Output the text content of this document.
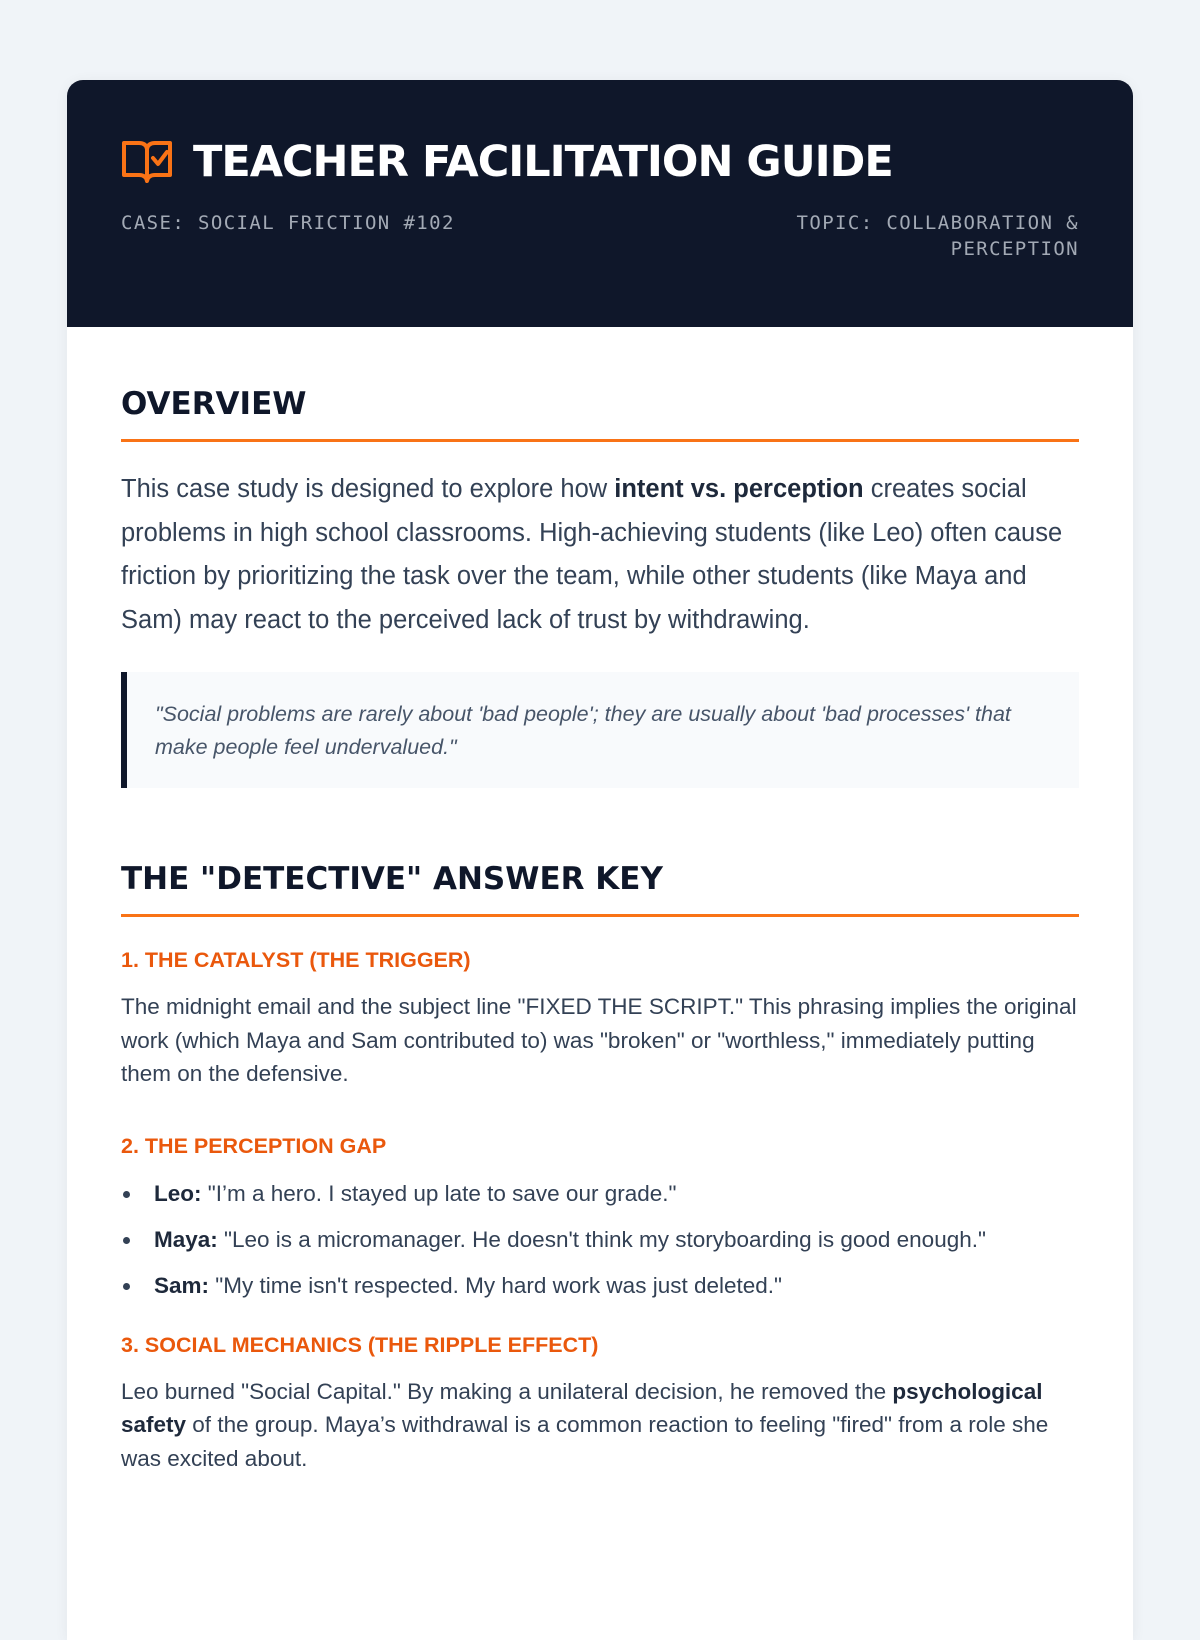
TEACHER FACILITATION GUIDE
CASE: SOCIAL FRICTION #102	TOPIC: COLLABORATION & PERCEPTION
OVERVIEW

This case study is designed to explore how intent vs. perception creates social problems in high school classrooms. High-achieving students (like Leo) often cause friction by prioritizing the task over the team, while other students (like Maya and Sam) may react to the perceived lack of trust by withdrawing.

"Social problems are rarely about 'bad people'; they are usually about 'bad processes' that make people feel undervalued."
THE "DETECTIVE" ANSWER KEY
1. THE CATALYST (THE TRIGGER)

The midnight email and the subject line "FIXED THE SCRIPT." This phrasing implies the original work (which Maya and Sam contributed to) was "broken" or "worthless," immediately putting them on the defensive.

2. THE PERCEPTION GAP
Leo: "I’m a hero. I stayed up late to save our grade."
Maya: "Leo is a micromanager. He doesn't think my storyboarding is good enough."
Sam: "My time isn't respected. My hard work was just deleted."
3. SOCIAL MECHANICS (THE RIPPLE EFFECT)

Leo burned "Social Capital." By making a unilateral decision, he removed the psychological safety of the group. Maya’s withdrawal is a common reaction to feeling "fired" from a role she was excited about.
